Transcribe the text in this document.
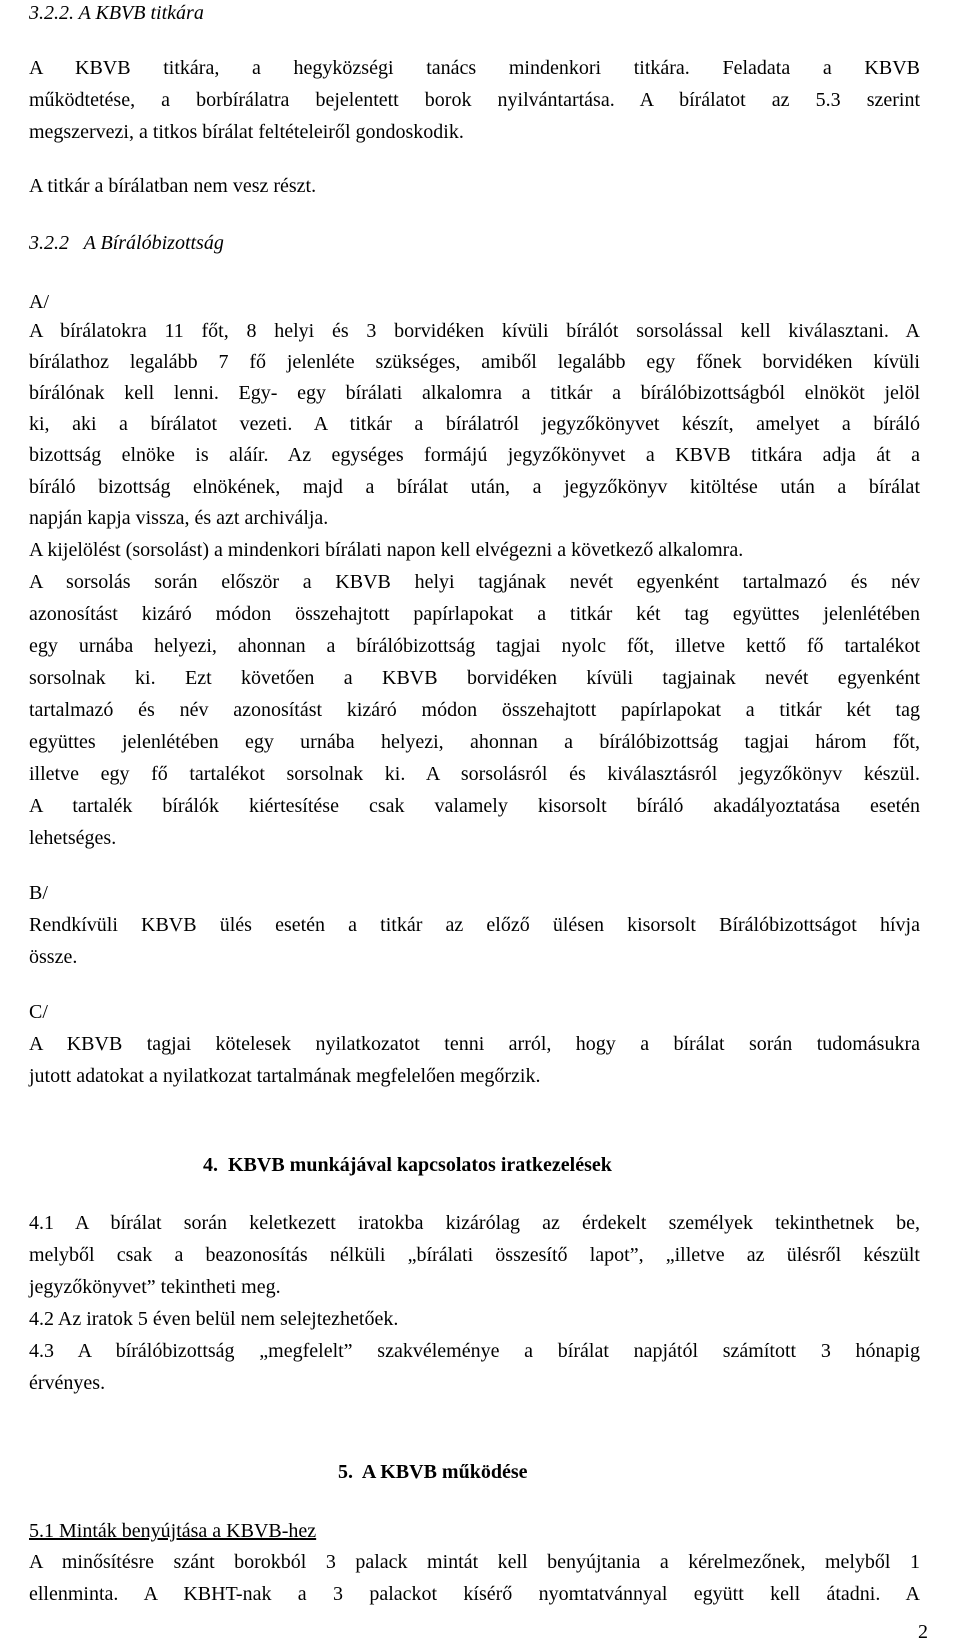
3.2.2. A KBVB titkára

A KBVB titkára, a hegyközségi tanács mindenkori titkára. Feladata a KBVB

működtetése, a borbírálatra bejelentett borok nyilvántartása. A bírálatot az 5.3 szerint

megszervezi, a titkos bírálat feltételeiről gondoskodik.

A titkár a bírálatban nem vesz részt.

3.2.2   A Bírálóbizottság

A/

A bírálatokra 11 főt, 8 helyi és 3 borvidéken kívüli bírálót sorsolással kell kiválasztani. A

bírálathoz legalább 7 fő jelenléte szükséges, amiből legalább egy főnek borvidéken kívüli

bírálónak kell lenni. Egy- egy bírálati alkalomra a titkár a bírálóbizottságból elnököt jelöl

ki, aki a bírálatot vezeti. A titkár a bírálatról jegyzőkönyvet készít, amelyet a bíráló

bizottság elnöke is aláír. Az egységes formájú jegyzőkönyvet a KBVB titkára adja át a

bíráló bizottság elnökének, majd a bírálat után, a jegyzőkönyv kitöltése után a bírálat

napján kapja vissza, és azt archiválja.

A kijelölést (sorsolást) a mindenkori bírálati napon kell elvégezni a következő alkalomra.

A sorsolás során először a KBVB helyi tagjának nevét egyenként tartalmazó és név

azonosítást kizáró módon összehajtott papírlapokat a titkár két tag együttes jelenlétében

egy urnába helyezi, ahonnan a bírálóbizottság tagjai nyolc főt, illetve kettő fő tartalékot

sorsolnak ki. Ezt követően a KBVB borvidéken kívüli tagjainak nevét egyenként

tartalmazó és név azonosítást kizáró módon összehajtott papírlapokat a titkár két tag

együttes jelenlétében egy urnába helyezi, ahonnan a bírálóbizottság tagjai három főt,

illetve egy fő tartalékot sorsolnak ki. A sorsolásról és kiválasztásról jegyzőkönyv készül.

A tartalék bírálók kiértesítése csak valamely kisorsolt bíráló akadályoztatása esetén

lehetséges.

B/

Rendkívüli KBVB ülés esetén a titkár az előző ülésen kisorsolt Bírálóbizottságot hívja

össze.

C/

A KBVB tagjai kötelesek nyilatkozatot tenni arról, hogy a bírálat során tudomásukra

jutott adatokat a nyilatkozat tartalmának megfelelően megőrzik.

4.  KBVB munkájával kapcsolatos iratkezelések

4.1 A bírálat során keletkezett iratokba kizárólag az érdekelt személyek tekinthetnek be,

melyből csak a beazonosítás nélküli „bírálati összesítő lapot”, „illetve az ülésről készült

jegyzőkönyvet” tekintheti meg.

4.2 Az iratok 5 éven belül nem selejtezhetőek.

4.3 A bírálóbizottság „megfelelt” szakvéleménye a bírálat napjától számított 3 hónapig

érvényes.

5.  A KBVB működése

5.1 Minták benyújtása a KBVB-hez

A minősítésre szánt borokból 3 palack mintát kell benyújtania a kérelmezőnek, melyből 1

ellenminta. A KBHT-nak a 3 palackot kísérő nyomtatvánnyal együtt kell átadni. A

2
